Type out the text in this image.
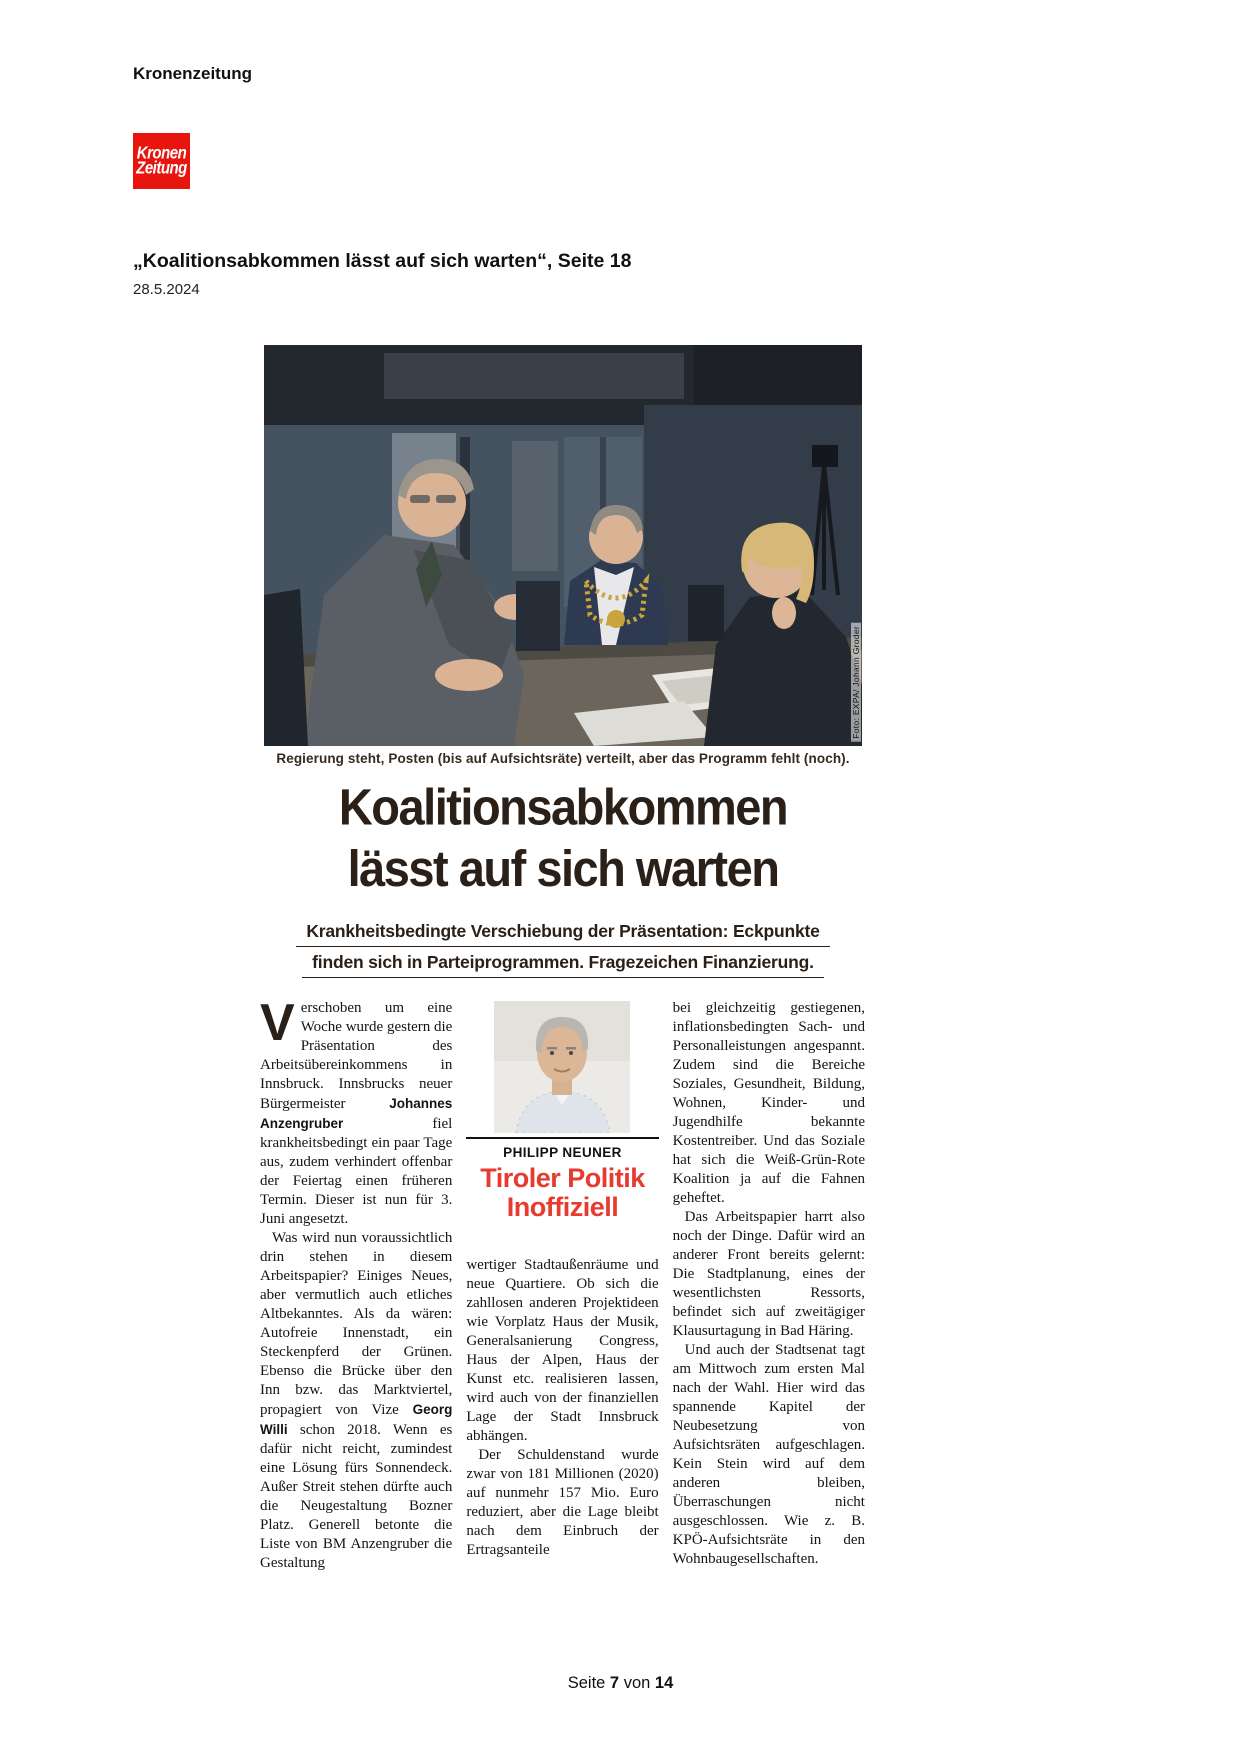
Kronenzeitung
Kronen
Zeitung
„Koalitionsabkommen lässt auf sich warten“, Seite 18
28.5.2024
Foto: EXPA/ Johann Groder
Regierung steht, Posten (bis auf Aufsichtsräte) verteilt, aber das Programm fehlt (noch).
Koalitionsabkommen
lässt auf sich warten
Krankheitsbedingte Verschiebung der Präsentation: Eckpunkte
finden sich in Parteiprogrammen. Fragezeichen Finanzierung.

Verschoben um eine Woche wurde gestern die Präsentation des Arbeitsübereinkommens in Innsbruck. Innsbrucks neuer Bürgermeister Johannes Anzengruber fiel krankheitsbedingt ein paar Tage aus, zudem verhindert offenbar der Feiertag einen früheren Termin. Dieser ist nun für 3. Juni angesetzt.

Was wird nun voraussichtlich drin stehen in diesem Arbeitspapier? Einiges Neues, aber vermutlich auch etliches Altbekanntes. Als da wären: Autofreie Innenstadt, ein Steckenpferd der Grünen. Ebenso die Brücke über den Inn bzw. das Marktviertel, propagiert von Vize Georg Willi schon 2018. Wenn es dafür nicht reicht, zumindest eine Lösung fürs Sonnendeck. Außer Streit stehen dürfte auch die Neugestaltung Bozner Platz. Generell betonte die Liste von BM Anzengruber die Gestaltung

PHILIPP NEUNER
Tiroler Politik
Inoffiziell

wertiger Stadtaußenräume und neue Quartiere. Ob sich die zahllosen anderen Projektideen wie Vorplatz Haus der Musik, Generalsanierung Congress, Haus der Alpen, Haus der Kunst etc. realisieren lassen, wird auch von der finanziellen Lage der Stadt Innsbruck abhängen.

Der Schuldenstand wurde zwar von 181 Millionen (2020) auf nunmehr 157 Mio. Euro reduziert, aber die Lage bleibt nach dem Einbruch der Ertragsanteile

bei gleichzeitig gestiegenen, inflationsbedingten Sach- und Personalleistungen angespannt. Zudem sind die Bereiche Soziales, Gesundheit, Bildung, Wohnen, Kinder- und Jugendhilfe bekannte Kostentreiber. Und das Soziale hat sich die Weiß-Grün-Rote Koalition ja auf die Fahnen geheftet.

Das Arbeitspapier harrt also noch der Dinge. Dafür wird an anderer Front bereits gelernt: Die Stadtplanung, eines der wesentlichsten Ressorts, befindet sich auf zweitägiger Klausurtagung in Bad Häring.

Und auch der Stadtsenat tagt am Mittwoch zum ersten Mal nach der Wahl. Hier wird das spannende Kapitel der Neubesetzung von Aufsichtsräten aufgeschlagen. Kein Stein wird auf dem anderen bleiben, Überraschungen nicht ausgeschlossen. Wie z. B. KPÖ-Aufsichtsräte in den Wohnbaugesellschaften.

Seite 7 von 14
